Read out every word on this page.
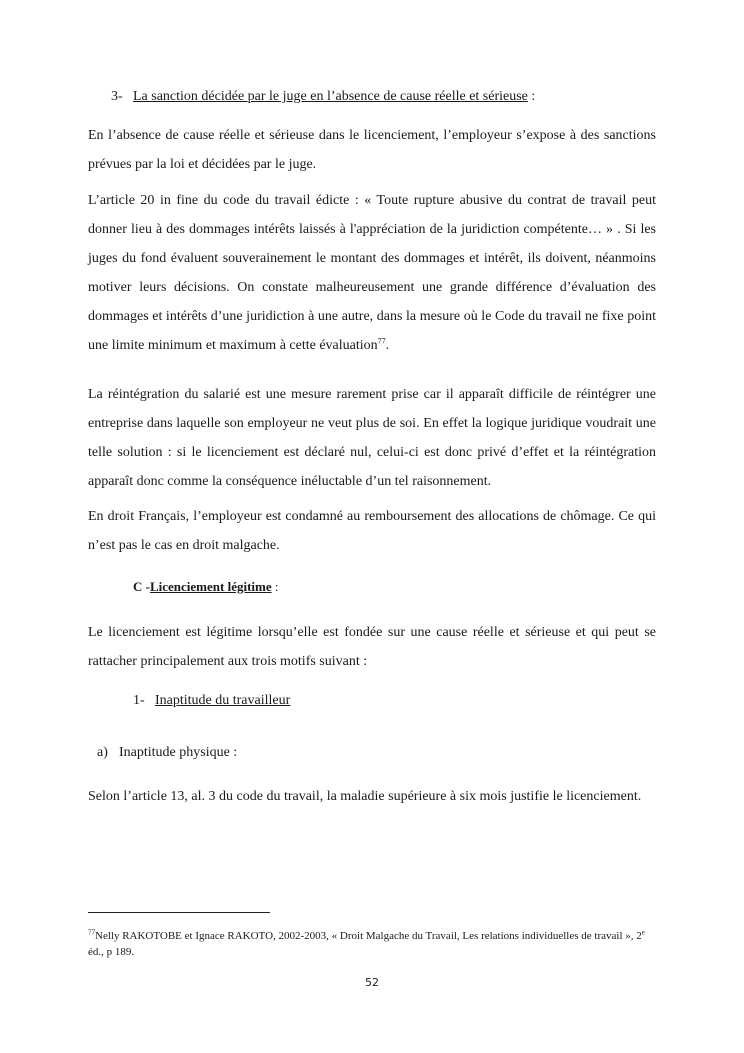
3- La sanction décidée par le juge en l’absence de cause réelle et sérieuse :

En l’absence de cause réelle et sérieuse dans le licenciement, l’employeur s’expose à des sanctions prévues par la loi et décidées par le juge.

L’article 20 in fine du code du travail édicte : « Toute rupture abusive du contrat de travail peut donner lieu à des dommages intérêts laissés à l'appréciation de la juridiction compétente… » . Si les juges du fond évaluent souverainement le montant des dommages et intérêt, ils doivent, néanmoins motiver leurs décisions. On constate malheureusement une grande différence d’évaluation des dommages et intérêts d’une juridiction à une autre, dans la mesure où le Code du travail ne fixe point une limite minimum et maximum à cette évaluation$^{77}$.

La réintégration du salarié est une mesure rarement prise car il apparaît difficile de réintégrer une entreprise dans laquelle son employeur ne veut plus de soi. En effet la logique juridique voudrait une telle solution : si le licenciement est déclaré nul, celui-ci est donc privé d’effet et la réintégration apparaît donc comme la conséquence inéluctable d’un tel raisonnement.

En droit Français, l’employeur est condamné au remboursement des allocations de chômage. Ce qui n’est pas le cas en droit malgache.

C -Licenciement légitime :

Le licenciement est légitime lorsqu’elle est fondée sur une cause réelle et sérieuse et qui peut se rattacher principalement aux trois motifs suivant :

1- Inaptitude du travailleur

a) Inaptitude physique :

Selon l’article 13, al. 3 du code du travail, la maladie supérieure à six mois justifie le licenciement.

$^{77}$Nelly RAKOTOBE et Ignace RAKOTO, 2002-2003, « Droit Malgache du Travail, Les relations individuelles de travail », 2e éd., p 189.

52
